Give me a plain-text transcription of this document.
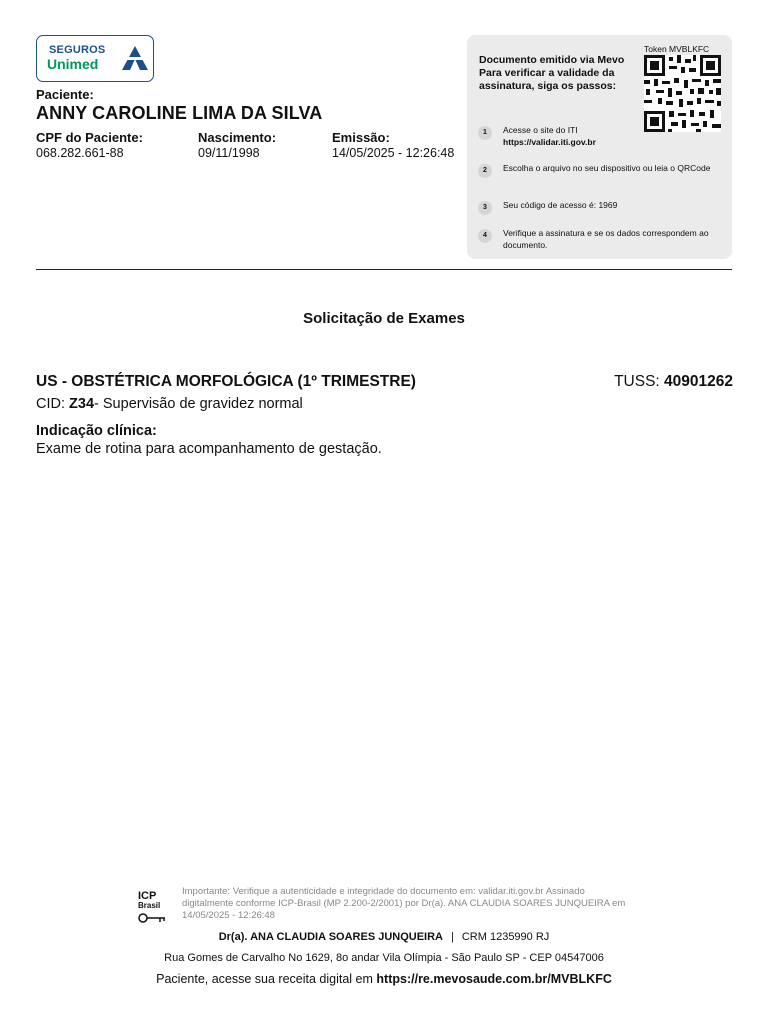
SEGUROS
Unimed
Paciente:
ANNY CAROLINE LIMA DA SILVA
CPF do Paciente:
068.282.661-88
Nascimento:
09/11/1998
Emissão:
14/05/2025 - 12:26:48
Documento emitido via Mevo Para verificar a validade da assinatura, siga os passos:
Token MVBLKFC
1	Acesse o site do ITI
https://validar.iti.gov.br
2	Escolha o arquivo no seu dispositivo ou leia o QRCode
3	Seu código de acesso é: 1969
4	Verifique a assinatura e se os dados correspondem ao documento.
Solicitação de Exames
US - OBSTÉTRICA MORFOLÓGICA (1º TRIMESTRE)	TUSS: 40901262
CID: Z34- Supervisão de gravidez normal
Indicação clínica:
Exame de rotina para acompanhamento de gestação.
ICP
Brasil
Importante: Verifique a autenticidade e integridade do documento em: validar.iti.gov.br Assinado digitalmente conforme ICP-Brasil (MP 2.200-2/2001) por Dr(a). ANA CLAUDIA SOARES JUNQUEIRA em 14/05/2025 - 12:26:48
Dr(a). ANA CLAUDIA SOARES JUNQUEIRA | CRM 1235990 RJ
Rua Gomes de Carvalho No 1629, 8o andar Vila Olímpia - São Paulo SP - CEP 04547006
Paciente, acesse sua receita digital em https://re.mevosaude.com.br/MVBLKFC
